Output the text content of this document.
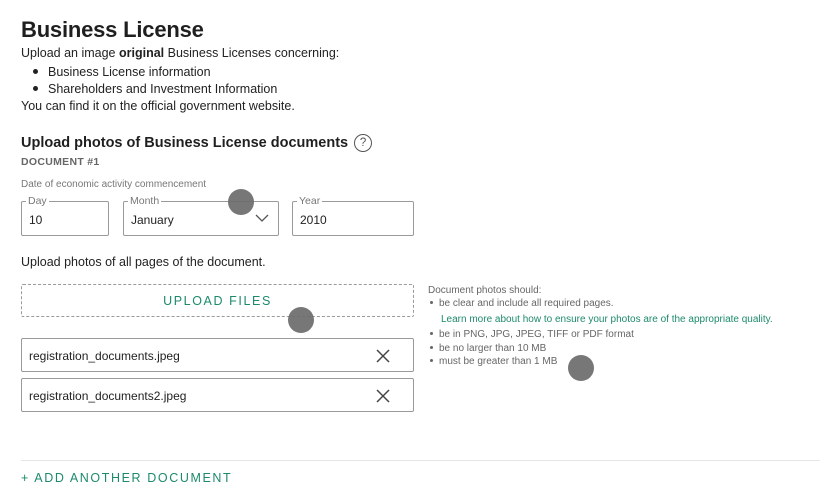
Business License
Upload an image original Business Licenses concerning:
Business License information
Shareholders and Investment Information
You can find it on the official government website.
Upload photos of Business License documents	?
DOCUMENT #1
Date of economic activity commencement
Day
10
Month
January
Year
2010
Upload photos of all pages of the document.
UPLOAD FILES
registration_documents.jpeg
registration_documents2.jpeg
Document photos should:
be clear and include all required pages.
Learn more about how to ensure your photos are of the appropriate quality.
be in PNG, JPG, JPEG, TIFF or PDF format
be no larger than 10 MB
must be greater than 1 MB
+ ADD ANOTHER DOCUMENT
